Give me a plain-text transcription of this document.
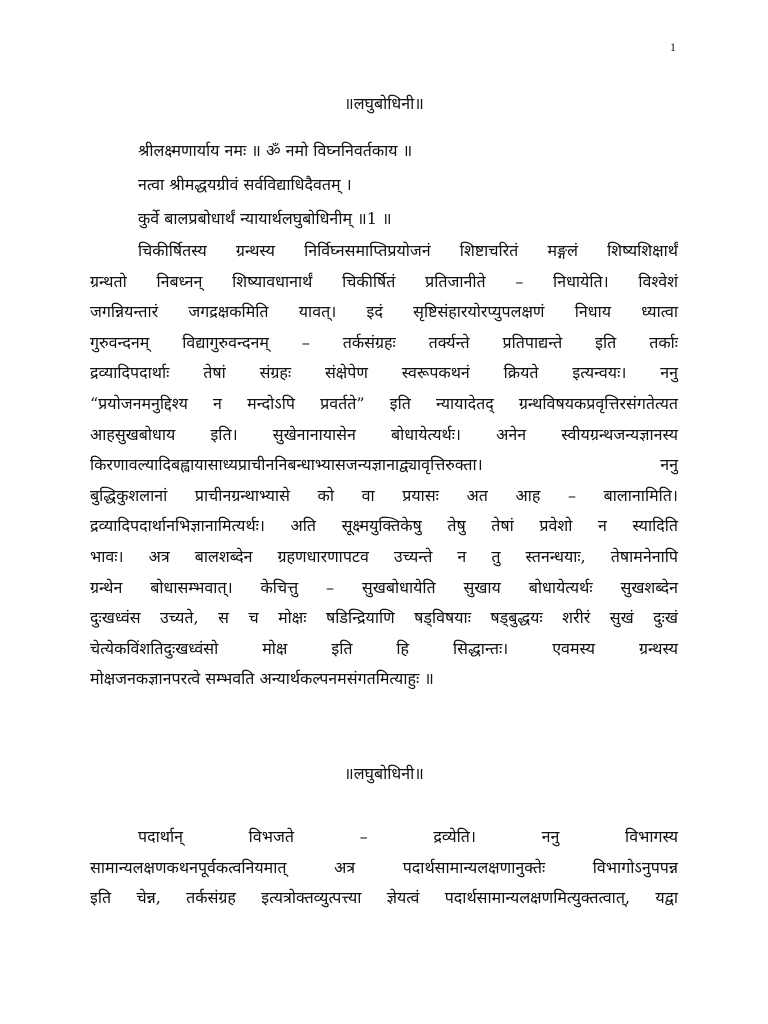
1
॥लघुबोधिनी॥
श्रीलक्ष्मणार्याय नमः ॥ ॐ नमो विघ्ननिवर्तकाय ॥
नत्वा श्रीमद्धयग्रीवं सर्वविद्याधिदैवतम् ।
कुर्वे बालप्रबोधार्थं न्यायार्थलघुबोधिनीम् ॥1 ॥
चिकीर्षितस्य ग्रन्थस्य निर्विघ्नसमाप्तिप्रयोजनं शिष्टाचरितं मङ्गलं शिष्यशिक्षार्थं
ग्रन्थतो निबध्नन् शिष्यावधानार्थं चिकीर्षितं प्रतिजानीते – निधायेति। विश्वेशं
जगन्नियन्तारं जगद्रक्षकमिति यावत्। इदं सृष्टिसंहारयोरप्युपलक्षणं निधाय ध्यात्वा
गुरुवन्दनम् विद्यागुरुवन्दनम् – तर्कसंग्रहः तर्क्यन्ते प्रतिपाद्यन्ते इति तर्काः
द्रव्यादिपदार्थाः तेषां संग्रहः संक्षेपेण स्वरूपकथनं क्रियते इत्यन्वयः। ननु
“प्रयोजनमनुद्दिश्य न मन्दोऽपि प्रवर्तते” इति न्यायादेतद् ग्रन्थविषयकप्रवृत्तिरसंगतेत्यत
आहसुखबोधाय इति। सुखेनानायासेन बोधायेत्यर्थः। अनेन स्वीयग्रन्थजन्यज्ञानस्य
किरणावल्यादिबह्वायासाध्यप्राचीननिबन्धाभ्यासजन्यज्ञानाद्व्यावृत्तिरुक्ता। ननु
बुद्धिकुशलानां प्राचीनग्रन्थाभ्यासे को वा प्रयासः अत आह – बालानामिति।
द्रव्यादिपदार्थानभिज्ञानामित्यर्थः। अति सूक्ष्मयुक्तिकेषु तेषु तेषां प्रवेशो न स्यादिति
भावः। अत्र बालशब्देन ग्रहणधारणापटव उच्यन्ते न तु स्तनन्धयाः, तेषामनेनापि
ग्रन्थेन बोधासम्भवात्। केचित्तु – सुखबोधायेति सुखाय बोधायेत्यर्थः सुखशब्देन
दुःखध्वंस उच्यते, स च मोक्षः षडिन्द्रियाणि षड्विषयाः षड्बुद्धयः शरीरं सुखं दुःखं
चेत्येकविंशतिदुःखध्वंसो मोक्ष इति हि सिद्धान्तः। एवमस्य ग्रन्थस्य
मोक्षजनकज्ञानपरत्वे सम्भवति अन्यार्थकल्पनमसंगतमित्याहुः ॥
॥लघुबोधिनी॥
पदार्थान् विभजते – द्रव्येति। ननु विभागस्य
सामान्यलक्षणकथनपूर्वकत्वनियमात् अत्र पदार्थसामान्यलक्षणानुक्तेः विभागोऽनुपपन्न
इति चेन्न, तर्कसंग्रह इत्यत्रोक्तव्युत्पत्त्या ज्ञेयत्वं पदार्थसामान्यलक्षणमित्युक्तत्वात्, यद्वा
